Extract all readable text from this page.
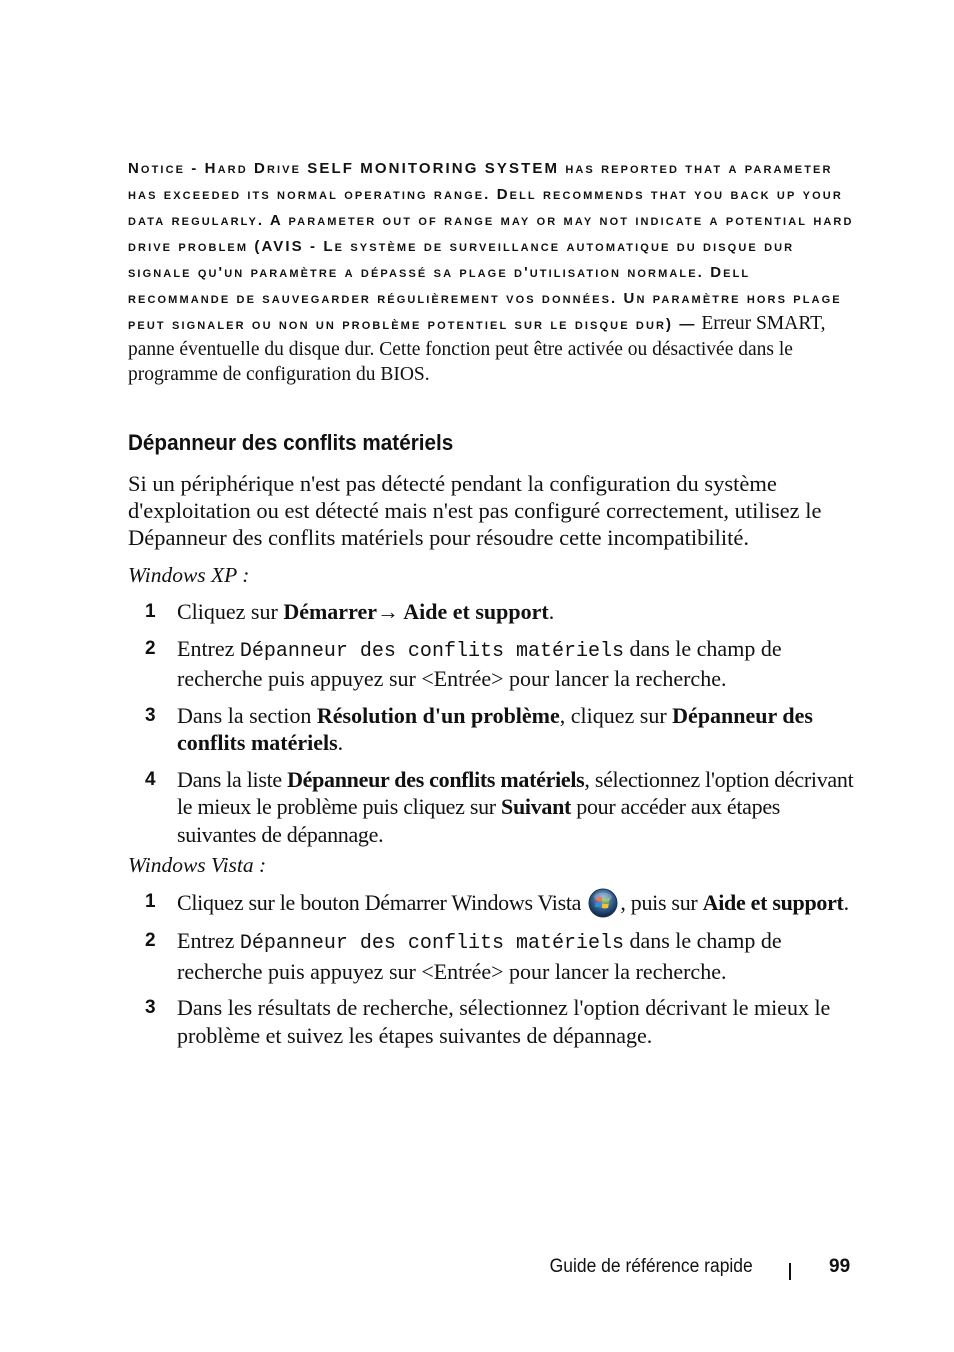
Notice - Hard Drive SELF MONITORING SYSTEM has reported that a parameter has exceeded its normal operating range. Dell recommends that you back up your data regularly. A parameter out of range may or may not indicate a potential hard drive problem (AVIS - Le système de surveillance automatique du disque dur signale qu'un paramètre a dépassé sa plage d'utilisation normale. Dell recommande de sauvegarder régulièrement vos données. Un paramètre hors plage peut signaler ou non un problème potentiel sur le disque dur) — Erreur SMART, panne éventuelle du disque dur. Cette fonction peut être activée ou désactivée dans le programme de configuration du BIOS.

Dépanneur des conflits matériels

Si un périphérique n'est pas détecté pendant la configuration du système d'exploitation ou est détecté mais n'est pas configuré correctement, utilisez le Dépanneur des conflits matériels pour résoudre cette incompatibilité.

Windows XP :

1 Cliquez sur Démarrer→ Aide et support.
2 Entrez Dépanneur des conflits matériels dans le champ de recherche puis appuyez sur <Entrée> pour lancer la recherche.
3 Dans la section Résolution d'un problème, cliquez sur Dépanneur des conflits matériels.
4 Dans la liste Dépanneur des conflits matériels, sélectionnez l'option décrivant le mieux le problème puis cliquez sur Suivant pour accéder aux étapes suivantes de dépannage.

Windows Vista :

1 Cliquez sur le bouton Démarrer Windows Vista , puis sur Aide et support.
2 Entrez Dépanneur des conflits matériels dans le champ de recherche puis appuyez sur <Entrée> pour lancer la recherche.
3 Dans les résultats de recherche, sélectionnez l'option décrivant le mieux le problème et suivez les étapes suivantes de dépannage.
Guide de référence rapide	99
